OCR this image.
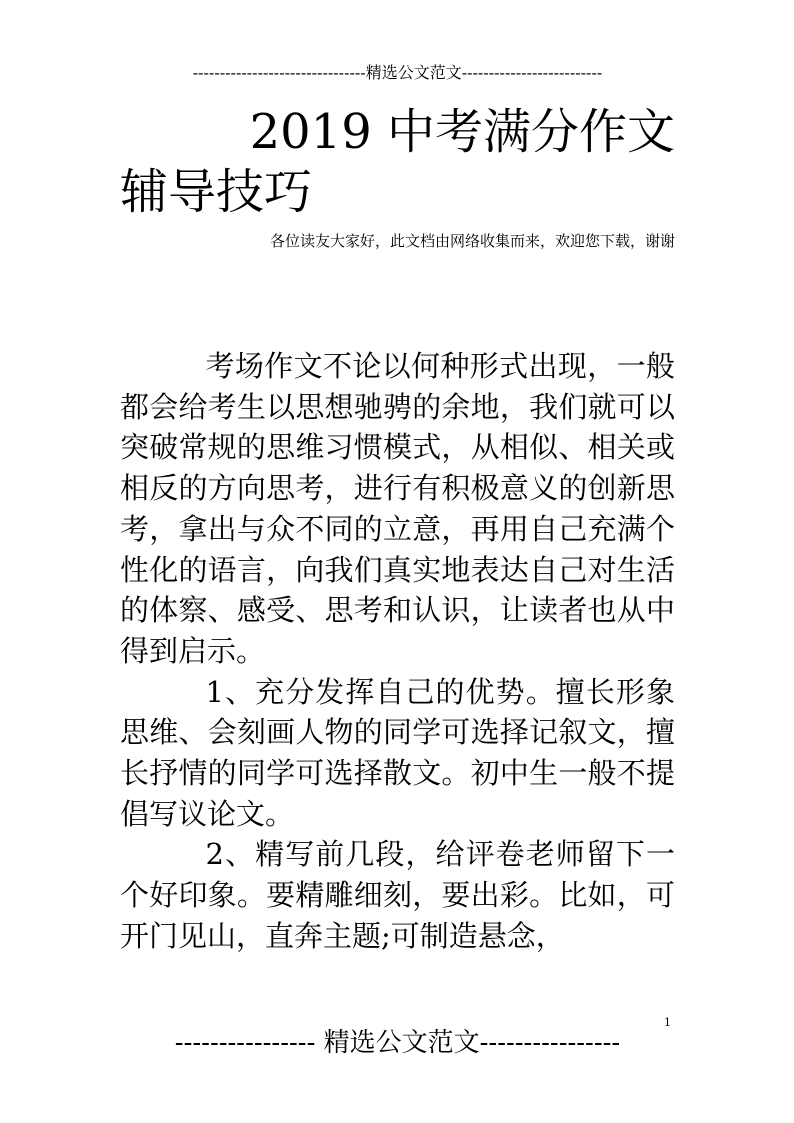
--------------------------------精选公文范文--------------------------
2019 中考满分作文
辅导技巧
各位读友大家好，此文档由网络收集而来，欢迎您下载，谢谢

考场作文不论以何种形式出现，一般都会给考生以思想驰骋的余地，我们就可以突破常规的思维习惯模式，从相似、相关或相反的方向思考，进行有积极意义的创新思考，拿出与众不同的立意，再用自己充满个性化的语言，向我们真实地表达自己对生活的体察、感受、思考和认识，让读者也从中得到启示。

1、充分发挥自己的优势。擅长形象思维、会刻画人物的同学可选择记叙文，擅长抒情的同学可选择散文。初中生一般不提倡写议论文。

2、精写前几段，给评卷老师留下一个好印象。要精雕细刻，要出彩。比如，可开门见山，直奔主题;可制造悬念，

1
---------------- 精选公文范文----------------
